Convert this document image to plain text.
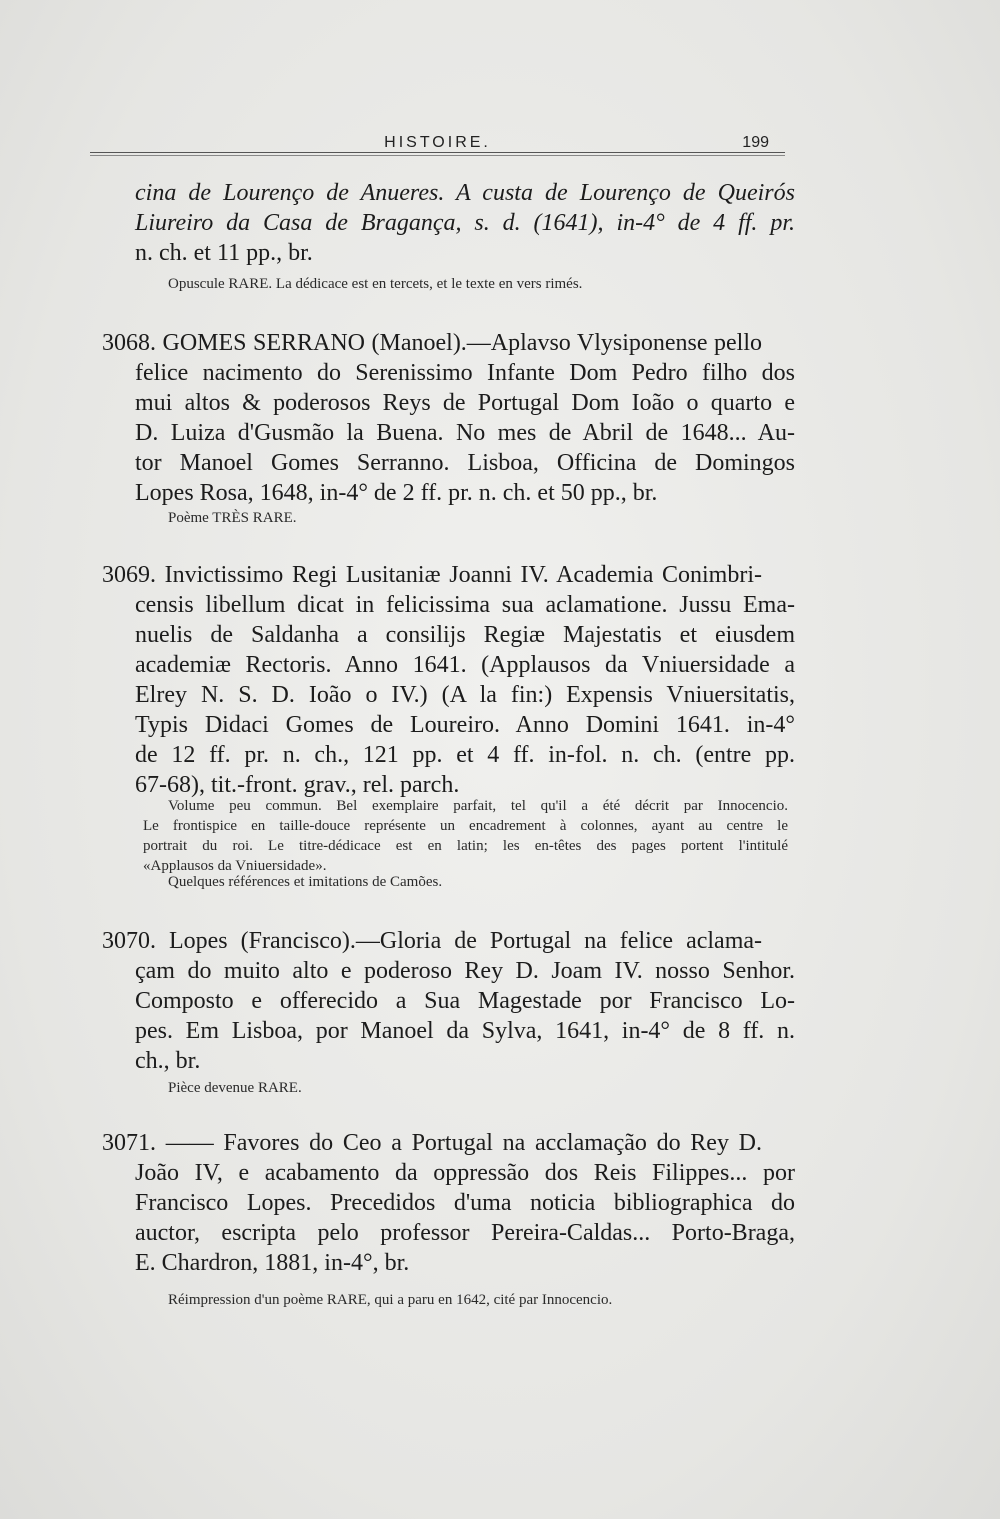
HISTOIRE.	199
cina de Lourenço de Anueres. A custa de Lourenço de Queirós
Liureiro da Casa de Bragança, s. d. (1641), in-4° de 4 ff. pr.
n. ch. et 11 pp., br.
Opuscule RARE. La dédicace est en tercets, et le texte en vers rimés.
3068. GOMES SERRANO (Manoel).—Aplavso Vlysiponense pello
felice nacimento do Serenissimo Infante Dom Pedro filho dos
mui altos & poderosos Reys de Portugal Dom Ioão o quarto e
D. Luiza d'Gusmão la Buena. No mes de Abril de 1648... Au-
tor Manoel Gomes Serranno. Lisboa, Officina de Domingos
Lopes Rosa, 1648, in-4° de 2 ff. pr. n. ch. et 50 pp., br.
Poème TRÈS RARE.
3069. Invictissimo Regi Lusitaniæ Joanni IV. Academia Conimbri-
censis libellum dicat in felicissima sua aclamatione. Jussu Ema-
nuelis de Saldanha a consilijs Regiæ Majestatis et eiusdem
academiæ Rectoris. Anno 1641. (Applausos da Vniuersidade a
Elrey N. S. D. Ioão o IV.) (A la fin:) Expensis Vniuersitatis,
Typis Didaci Gomes de Loureiro. Anno Domini 1641. in-4°
de 12 ff. pr. n. ch., 121 pp. et 4 ff. in-fol. n. ch. (entre pp.
67-68), tit.-front. grav., rel. parch.
Volume peu commun. Bel exemplaire parfait, tel qu'il a été décrit par Innocencio.
Le frontispice en taille-douce représente un encadrement à colonnes, ayant au centre le
portrait du roi. Le titre-dédicace est en latin; les en-têtes des pages portent l'intitulé
«Applausos da Vniuersidade».
Quelques références et imitations de Camões.
3070. Lopes (Francisco).—Gloria de Portugal na felice aclama-
çam do muito alto e poderoso Rey D. Joam IV. nosso Senhor.
Composto e offerecido a Sua Magestade por Francisco Lo-
pes. Em Lisboa, por Manoel da Sylva, 1641, in-4° de 8 ff. n.
ch., br.
Pièce devenue RARE.
3071. —— Favores do Ceo a Portugal na acclamação do Rey D.
João IV, e acabamento da oppressão dos Reis Filippes... por
Francisco Lopes. Precedidos d'uma noticia bibliographica do
auctor, escripta pelo professor Pereira-Caldas... Porto-Braga,
E. Chardron, 1881, in-4°, br.
Réimpression d'un poème RARE, qui a paru en 1642, cité par Innocencio.
